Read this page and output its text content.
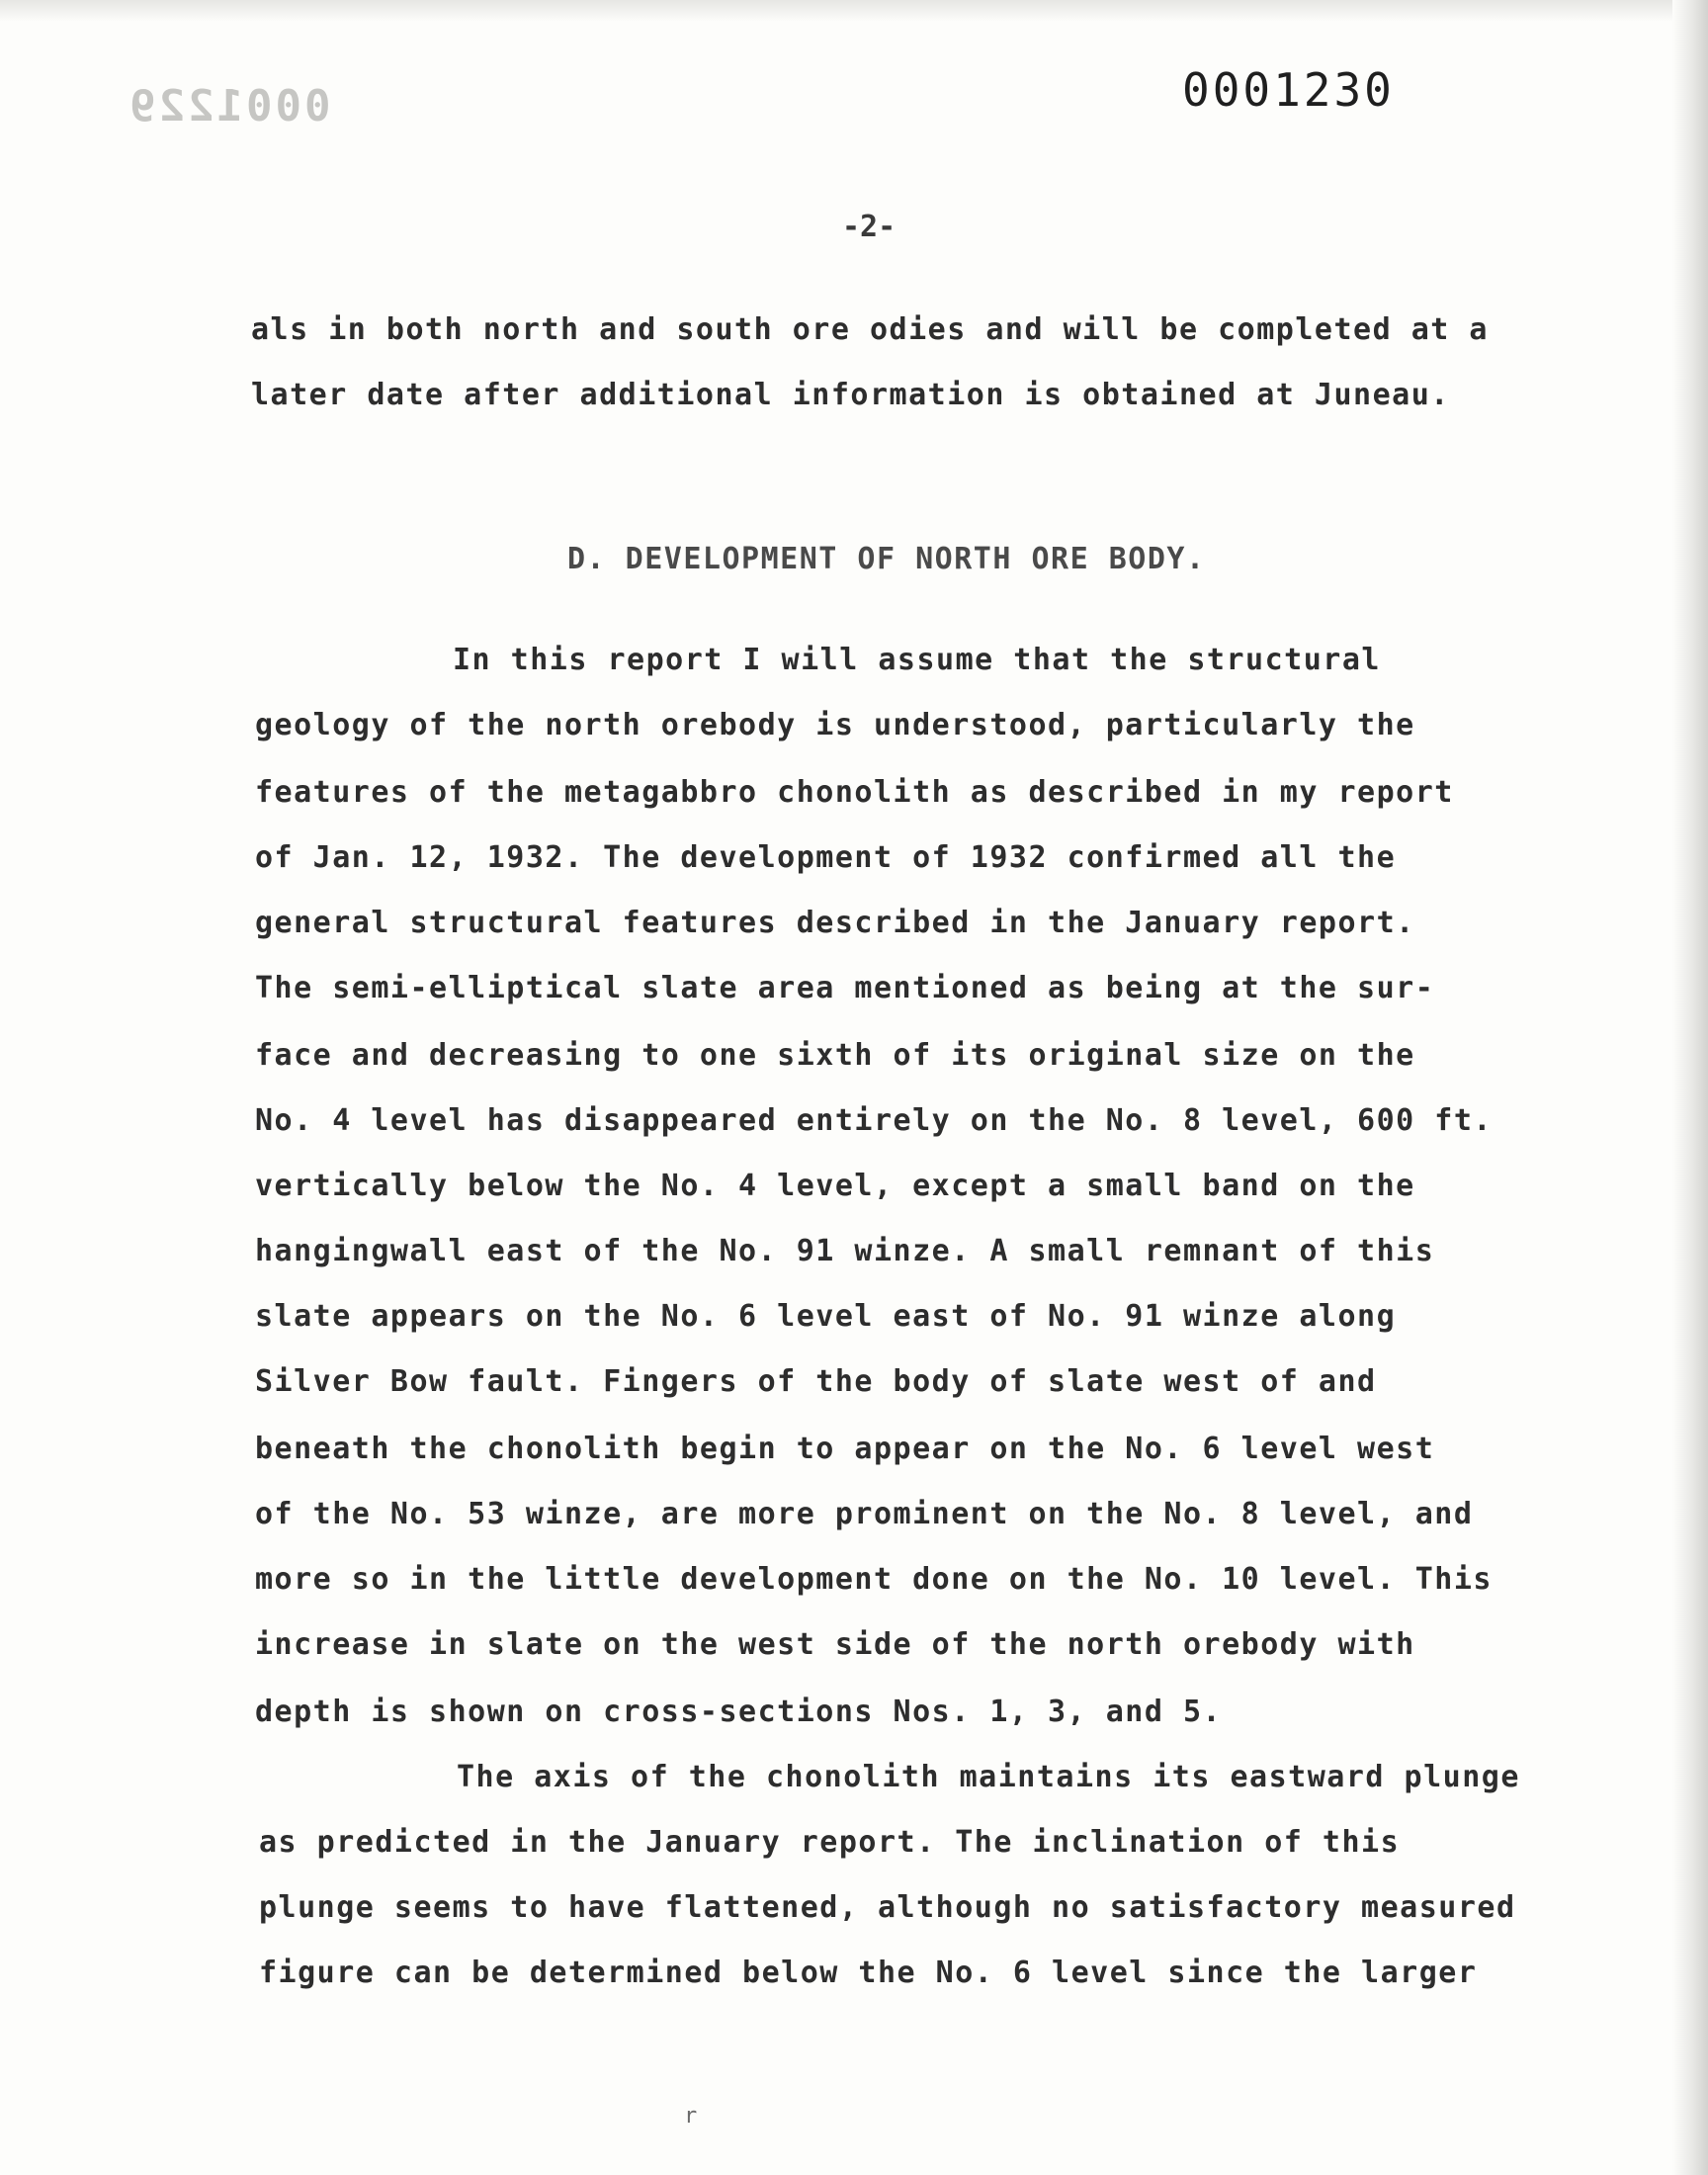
0001229	0001230
-2-
als in both north and south ore odies and will be completed at a
later date after additional information is obtained at Juneau.
D. DEVELOPMENT OF NORTH ORE BODY.
In this report I will assume that the structural
geology of the north orebody is understood, particularly the
features of the metagabbro chonolith as described in my report
of Jan. 12, 1932. The development of 1932 confirmed all the
general structural features described in the January report.
The semi-elliptical slate area mentioned as being at the sur-
face and decreasing to one sixth of its original size on the
No. 4 level has disappeared entirely on the No. 8 level, 600 ft.
vertically below the No. 4 level, except a small band on the
hangingwall east of the No. 91 winze. A small remnant of this
slate appears on the No. 6 level east of No. 91 winze along
Silver Bow fault. Fingers of the body of slate west of and
beneath the chonolith begin to appear on the No. 6 level west
of the No. 53 winze, are more prominent on the No. 8 level, and
more so in the little development done on the No. 10 level. This
increase in slate on the west side of the north orebody with
depth is shown on cross-sections Nos. 1, 3, and 5.
The axis of the chonolith maintains its eastward plunge
as predicted in the January report. The inclination of this
plunge seems to have flattened, although no satisfactory measured
figure can be determined below the No. 6 level since the larger
r
